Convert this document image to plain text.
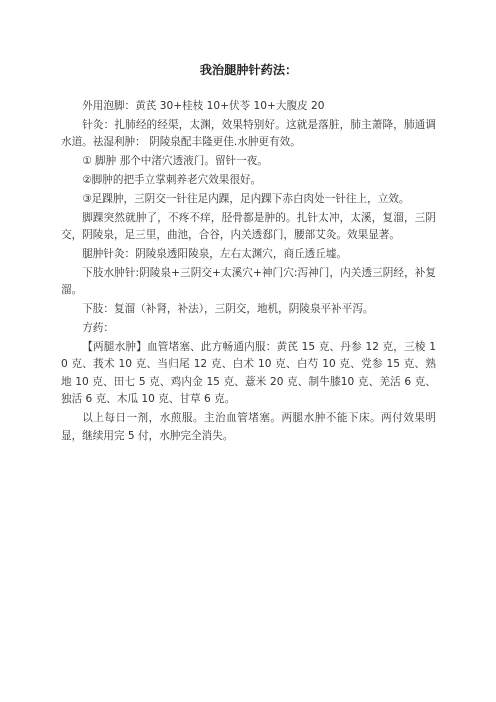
我治腿肿针药法：

外用泡脚：黄芪 30+桂枝 10+伏苓 10+大腹皮 20

针灸：扎肺经的经渠，太渊，效果特别好。这就是落脏，肺主萧降，肺通调水道。祛湿利肿： 阴陵泉配丰隆更佳.水肿更有效。

① 脚肿 那个中渚穴透液门。留针一夜。

②脚肿的把手立掌刺养老穴效果很好。

③足踝肿，三阴交一针往足内踝，足内踝下赤白肉处一针往上，立效。

脚踝突然就肿了，不疼不痒，胫骨都是肿的。扎针太冲，太溪，复溜，三阴交，阴陵泉，足三里，曲池，合谷，内关透郄门，腰部艾灸。效果显著。

腿肿针灸：阴陵泉透阳陵泉，左右太渊穴，商丘透丘墟。

下肢水肿针:阴陵泉+三阴交+太溪穴+神门穴:泻神门，内关透三阴经，补复溜。

下肢：复溜（补肾，补法），三阴交，地机，阴陵泉平补平泻。

方药：

【两腿水肿】血管堵塞、此方畅通内服：黄芪 15 克、丹参 12 克，三棱 10 克、莪术 10 克、当归尾 12 克、白术 10 克、白芍 10 克、党参 15 克、熟地 10 克、田七 5 克、鸡内金 15 克、薏米 20 克、制牛膝10 克、羌活 6 克、独活 6 克、木瓜 10 克、甘草 6 克。

以上每日一剂，水煎服。主治血管堵塞。两腿水肿不能下床。两付效果明显，继续用完 5 付，水肿完全消失。
